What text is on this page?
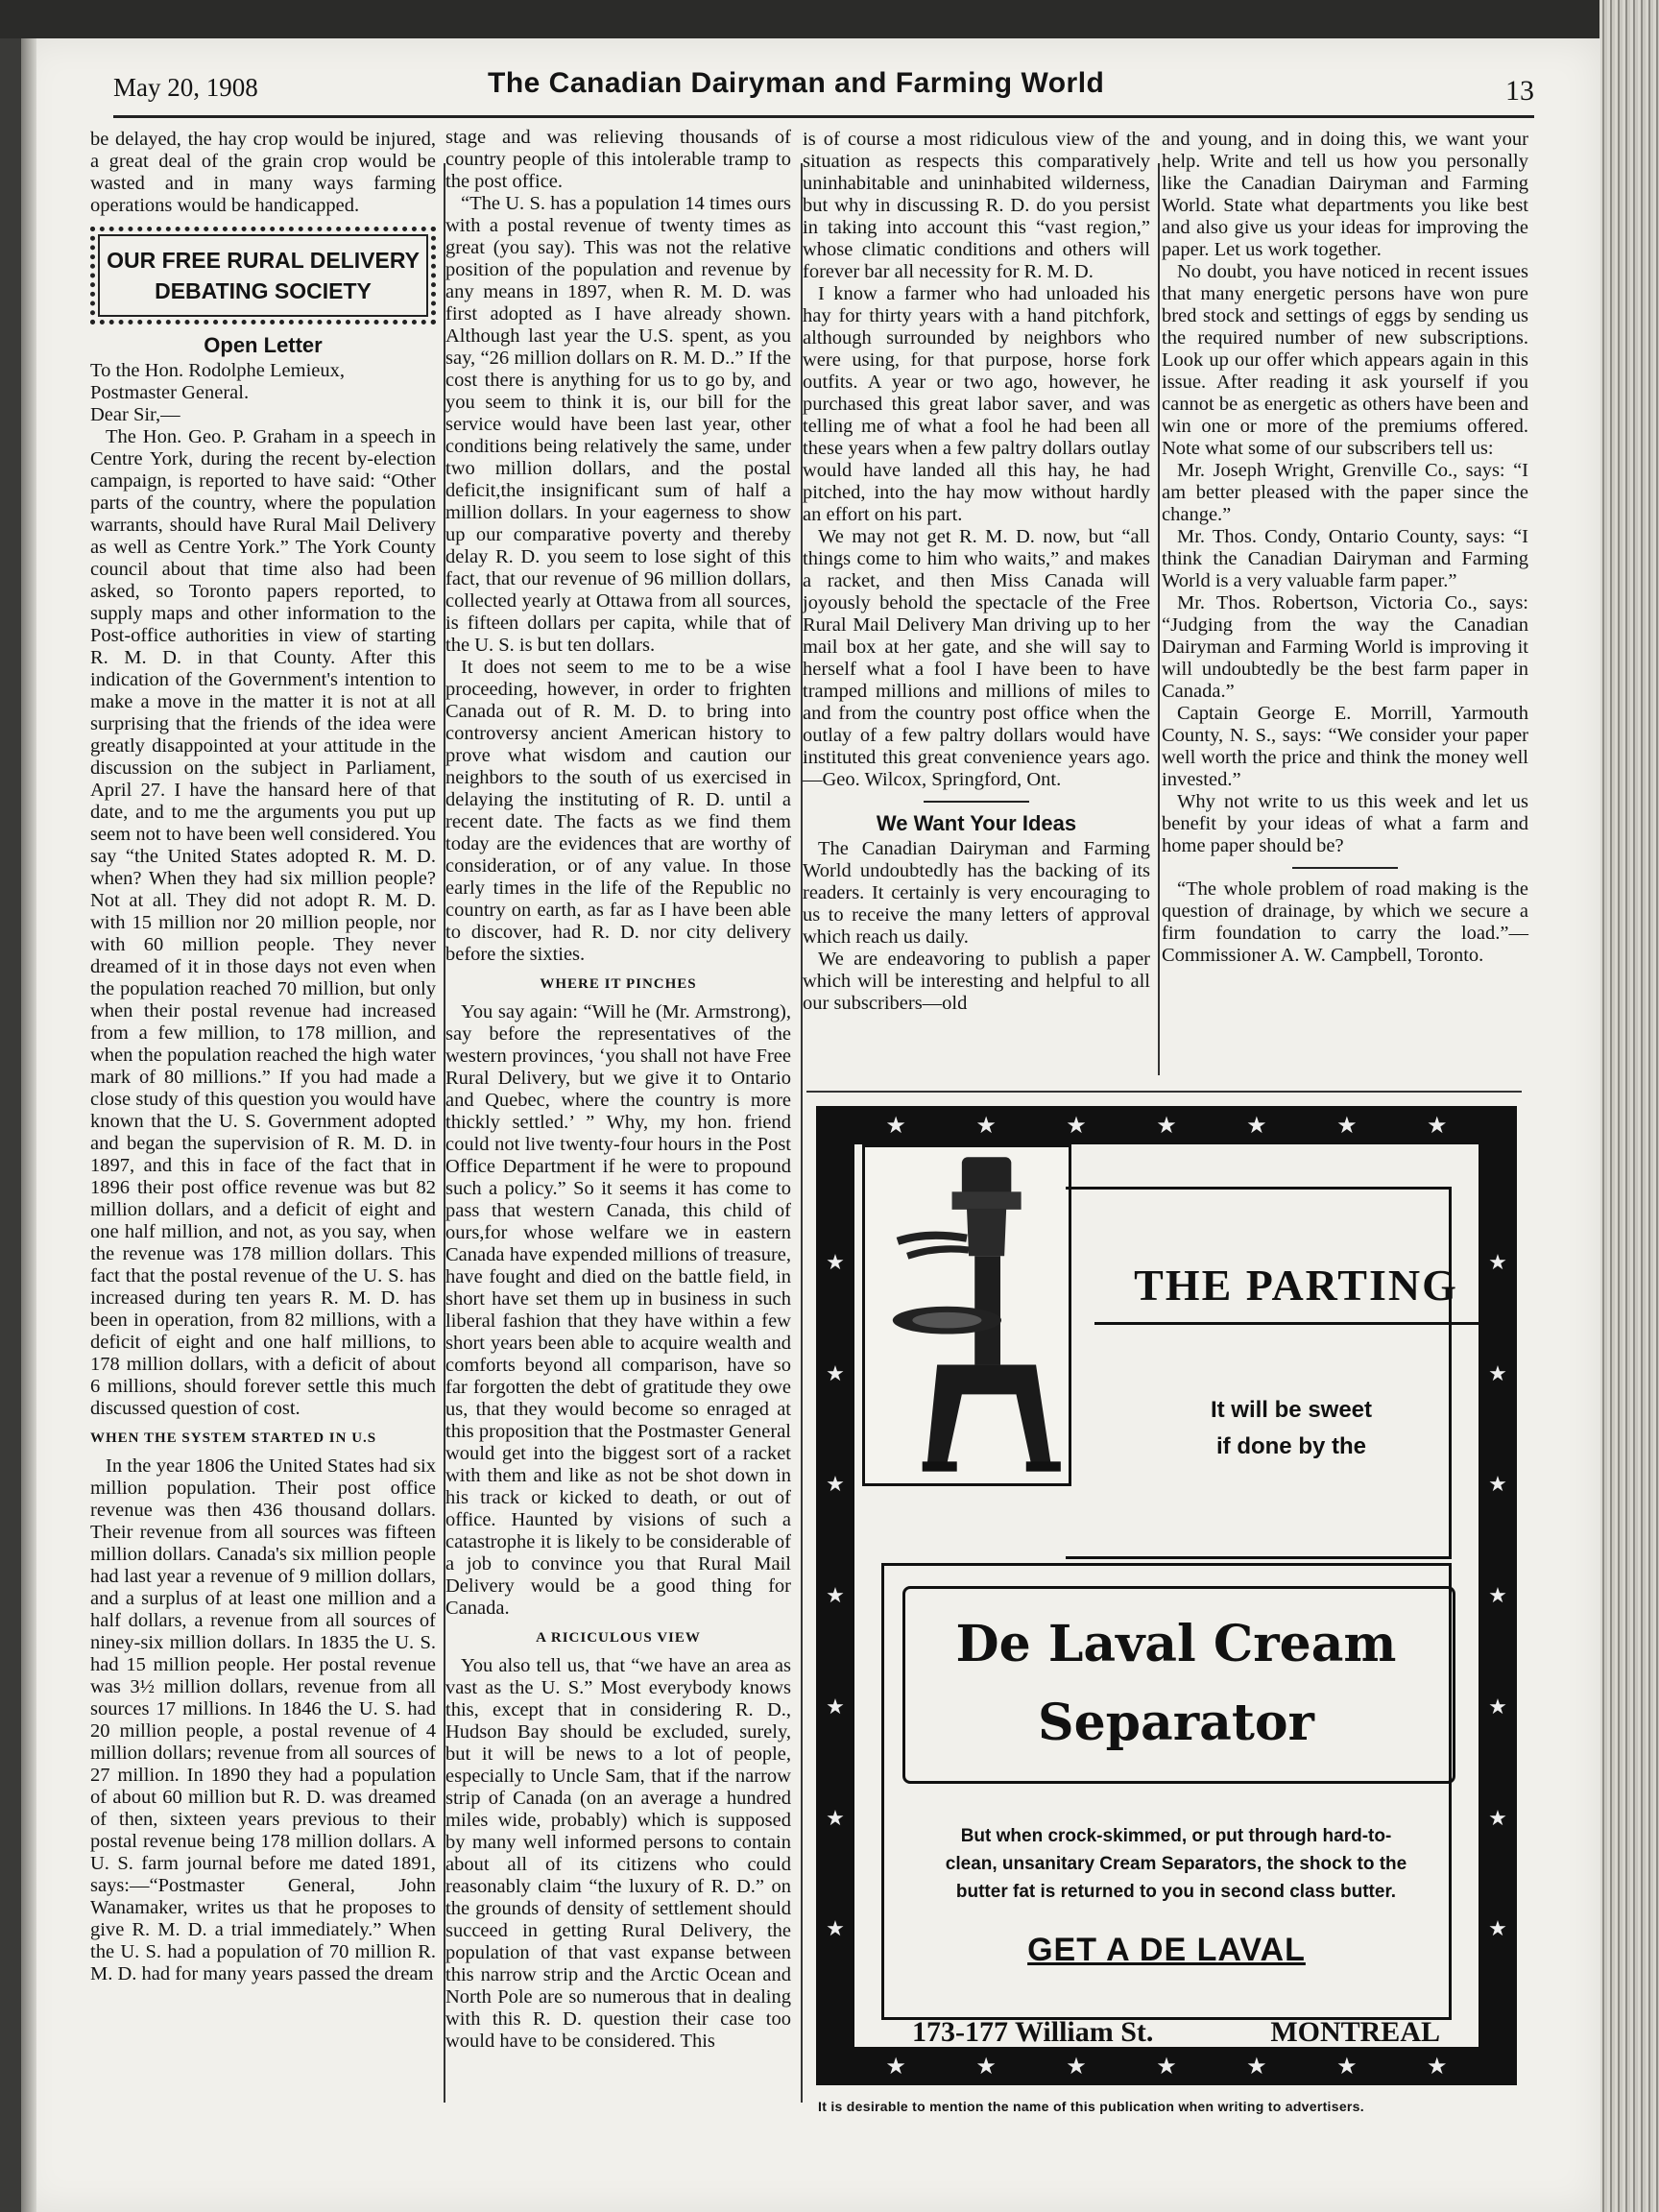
May 20, 1908	The Canadian Dairyman and Farming World	13

be delayed, the hay crop would be injured, a great deal of the grain crop would be wasted and in many ways farming operations would be handicapped.

OUR FREE RURAL DELIVERY
DEBATING SOCIETY
Open Letter

To the Hon. Rodolphe Lemieux,

Postmaster General.

Dear Sir,—

The Hon. Geo. P. Graham in a speech in Centre York, during the recent by-election campaign, is reported to have said: “Other parts of the country, where the population warrants, should have Rural Mail Delivery as well as Centre York.” The York County council about that time also had been asked, so Toronto papers reported, to supply maps and other information to the Post-office authorities in view of starting R. M. D. in that County. After this indication of the Government's intention to make a move in the matter it is not at all surprising that the friends of the idea were greatly disappointed at your attitude in the discussion on the subject in Parliament, April 27. I have the hansard here of that date, and to me the arguments you put up seem not to have been well considered. You say “the United States adopted R. M. D. when? When they had six million people? Not at all. They did not adopt R. M. D. with 15 million nor 20 million people, nor with 60 million people. They never dreamed of it in those days not even when the population reached 70 million, but only when their postal revenue had increased from a few million, to 178 million, and when the population reached the high water mark of 80 millions.” If you had made a close study of this question you would have known that the U. S. Government adopted and began the supervision of R. M. D. in 1897, and this in face of the fact that in 1896 their post office revenue was but 82 million dollars, and a deficit of eight and one half million, and not, as you say, when the revenue was 178 million dollars. This fact that the postal revenue of the U. S. has increased during ten years R. M. D. has been in operation, from 82 millions, with a deficit of eight and one half millions, to 178 million dollars, with a deficit of about 6 millions, should forever settle this much discussed question of cost.

WHEN THE SYSTEM STARTED IN U.S

In the year 1806 the United States had six million population. Their post office revenue was then 436 thousand dollars. Their revenue from all sources was fifteen million dollars. Canada's six million people had last year a revenue of 9 million dollars, and a surplus of at least one million and a half dollars, a revenue from all sources of niney-six million dollars. In 1835 the U. S. had 15 million people. Her postal revenue was 3½ million dollars, revenue from all sources 17 millions. In 1846 the U. S. had 20 million people, a postal revenue of 4 million dollars; revenue from all sources of 27 million. In 1890 they had a population of about 60 million but R. D. was dreamed of then, sixteen years previous to their postal revenue being 178 million dollars. A U. S. farm journal before me dated 1891, says:—“Postmaster General, John Wanamaker, writes us that he proposes to give R. M. D. a trial immediately.” When the U. S. had a population of 70 million R. M. D. had for many years passed the dream

stage and was relieving thousands of country people of this intolerable tramp to the post office.

“The U. S. has a population 14 times ours with a postal revenue of twenty times as great (you say). This was not the relative position of the population and revenue by any means in 1897, when R. M. D. was first adopted as I have already shown. Although last year the U.S. spent, as you say, “26 million dollars on R. M. D..” If the cost there is anything for us to go by, and you seem to think it is, our bill for the service would have been last year, other conditions being relatively the same, under two million dollars, and the postal deficit,the insignificant sum of half a million dollars. In your eagerness to show up our comparative poverty and thereby delay R. D. you seem to lose sight of this fact, that our revenue of 96 million dollars, collected yearly at Ottawa from all sources, is fifteen dollars per capita, while that of the U. S. is but ten dollars.

It does not seem to me to be a wise proceeding, however, in order to frighten Canada out of R. M. D. to bring into controversy ancient American history to prove what wisdom and caution our neighbors to the south of us exercised in delaying the instituting of R. D. until a recent date. The facts as we find them today are the evidences that are worthy of consideration, or of any value. In those early times in the life of the Republic no country on earth, as far as I have been able to discover, had R. D. nor city delivery before the sixties.

WHERE IT PINCHES

You say again: “Will he (Mr. Armstrong), say before the representatives of the western provinces, ‘you shall not have Free Rural Delivery, but we give it to Ontario and Quebec, where the country is more thickly settled.’ ” Why, my hon. friend could not live twenty-four hours in the Post Office Department if he were to propound such a policy.” So it seems it has come to pass that western Canada, this child of ours,for whose welfare we in eastern Canada have expended millions of treasure, have fought and died on the battle field, in short have set them up in business in such liberal fashion that they have within a few short years been able to acquire wealth and comforts beyond all comparison, have so far forgotten the debt of gratitude they owe us, that they would become so enraged at this proposition that the Postmaster General would get into the biggest sort of a racket with them and like as not be shot down in his track or kicked to death, or out of office. Haunted by visions of such a catastrophe it is likely to be considerable of a job to convince you that Rural Mail Delivery would be a good thing for Canada.

A RICICULOUS VIEW

You also tell us, that “we have an area as vast as the U. S.” Most everybody knows this, except that in considering R. D., Hudson Bay should be excluded, surely, but it will be news to a lot of people, especially to Uncle Sam, that if the narrow strip of Canada (on an average a hundred miles wide, probably) which is supposed by many well informed persons to contain about all of its citizens who could reasonably claim “the luxury of R. D.” on the grounds of density of settlement should succeed in getting Rural Delivery, the population of that vast expanse between this narrow strip and the Arctic Ocean and North Pole are so numerous that in dealing with this R. D. question their case too would have to be considered. This

is of course a most ridiculous view of the situation as respects this comparatively uninhabitable and uninhabited wilderness, but why in discussing R. D. do you persist in taking into account this “vast region,” whose climatic conditions and others will forever bar all necessity for R. M. D.

I know a farmer who had unloaded his hay for thirty years with a hand pitchfork, although surrounded by neighbors who were using, for that purpose, horse fork outfits. A year or two ago, however, he purchased this great labor saver, and was telling me of what a fool he had been all these years when a few paltry dollars outlay would have landed all this hay, he had pitched, into the hay mow without hardly an effort on his part.

We may not get R. M. D. now, but “all things come to him who waits,” and makes a racket, and then Miss Canada will joyously behold the spectacle of the Free Rural Mail Delivery Man driving up to her mail box at her gate, and she will say to herself what a fool I have been to have tramped millions and millions of miles to and from the country post office when the outlay of a few paltry dollars would have instituted this great convenience years ago.—Geo. Wilcox, Springford, Ont.

We Want Your Ideas

The Canadian Dairyman and Farming World undoubtedly has the backing of its readers. It certainly is very encouraging to us to receive the many letters of approval which reach us daily.

We are endeavoring to publish a paper which will be interesting and helpful to all our subscribers—old

and young, and in doing this, we want your help. Write and tell us how you personally like the Canadian Dairyman and Farming World. State what departments you like best and also give us your ideas for improving the paper. Let us work together.

No doubt, you have noticed in recent issues that many energetic persons have won pure bred stock and settings of eggs by sending us the required number of new subscriptions. Look up our offer which appears again in this issue. After reading it ask yourself if you cannot be as energetic as others have been and win one or more of the premiums offered. Note what some of our subscribers tell us:

Mr. Joseph Wright, Grenville Co., says: “I am better pleased with the paper since the change.”

Mr. Thos. Condy, Ontario County, says: “I think the Canadian Dairyman and Farming World is a very valuable farm paper.”

Mr. Thos. Robertson, Victoria Co., says: “Judging from the way the Canadian Dairyman and Farming World is improving it will undoubtedly be the best farm paper in Canada.”

Captain George E. Morrill, Yarmouth County, N. S., says: “We consider your paper well worth the price and think the money well invested.”

Why not write to us this week and let us benefit by your ideas of what a farm and home paper should be?

“The whole problem of road making is the question of drainage, by which we secure a firm foundation to carry the load.”—Commissioner A. W. Campbell, Toronto.

★	★	★	★	★	★	★
★
★
★
★
★
★
★
★
★
★
★
★
★
★
★	★	★	★	★	★	★
THE PARTING
It will be sweet
if done by the
De Laval Cream
Separator
But when crock-skimmed, or put through hard-to-clean, unsanitary Cream Separators, the shock to the butter fat is returned to you in second class butter.
GET A DE LAVAL
173-177 William St.	MONTREAL
It is desirable to mention the name of this publication when writing to advertisers.
